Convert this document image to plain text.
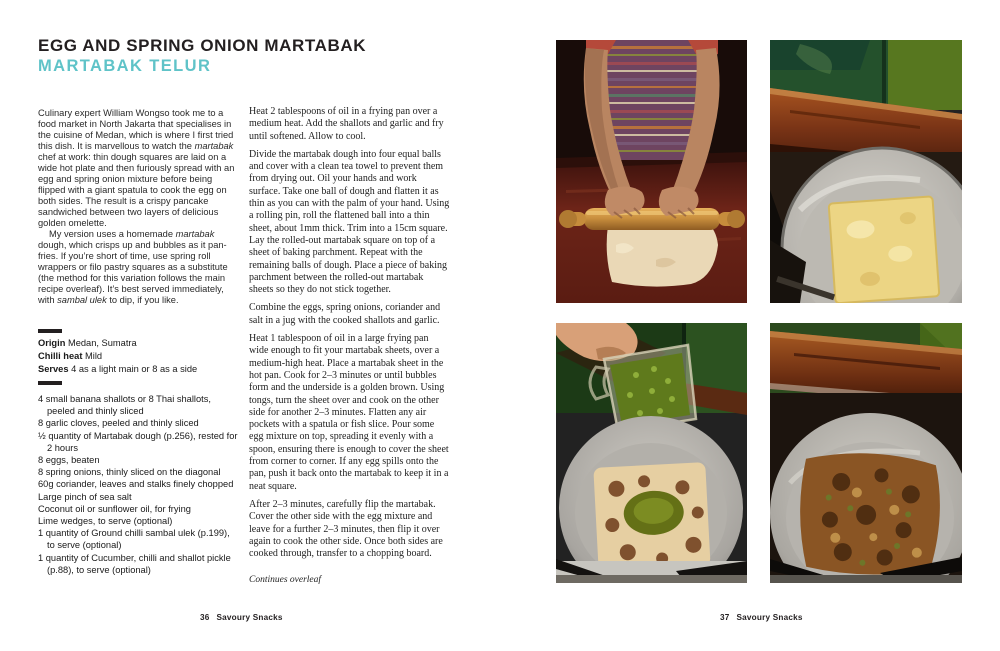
EGG AND SPRING ONION MARTABAK
MARTABAK TELUR

Culinary expert William Wongso took me to a food market in North Jakarta that specialises in the cuisine of Medan, which is where I first tried this dish. It is marvellous to watch the martabak chef at work: thin dough squares are laid on a wide hot plate and then furiously spread with an egg and spring onion mixture before being flipped with a giant spatula to cook the egg on both sides. The result is a crispy pancake sandwiched between two layers of delicious golden omelette.

My version uses a homemade martabak dough, which crisps up and bubbles as it pan-fries. If you’re short of time, use spring roll wrappers or filo pastry squares as a substitute (the method for this variation follows the main recipe overleaf). It’s best served immediately, with sambal ulek to dip, if you like.

Origin Medan, Sumatra
Chilli heat Mild
Serves 4 as a light main or 8 as a side
4 small banana shallots or 8 Thai shallots, peeled and thinly sliced
8 garlic cloves, peeled and thinly sliced
½ quantity of Martabak dough (p.256), rested for 2 hours
8 eggs, beaten
8 spring onions, thinly sliced on the diagonal
60g coriander, leaves and stalks finely chopped
Large pinch of sea salt
Coconut oil or sunflower oil, for frying
Lime wedges, to serve (optional)
1 quantity of Ground chilli sambal ulek (p.199), to serve (optional)
1 quantity of Cucumber, chilli and shallot pickle (p.88), to serve (optional)

Heat 2 tablespoons of oil in a frying pan over a medium heat. Add the shallots and garlic and fry until softened. Allow to cool.

Divide the martabak dough into four equal balls and cover with a clean tea towel to prevent them from drying out. Oil your hands and work surface. Take one ball of dough and flatten it as thin as you can with the palm of your hand. Using a rolling pin, roll the flattened ball into a thin sheet, about 1mm thick. Trim into a 15cm square. Lay the rolled-out martabak square on top of a sheet of baking parchment. Repeat with the remaining balls of dough. Place a piece of baking parchment between the rolled-out martabak sheets so they do not stick together.

Combine the eggs, spring onions, coriander and salt in a jug with the cooked shallots and garlic.

Heat 1 tablespoon of oil in a large frying pan wide enough to fit your martabak sheets, over a medium-high heat. Place a martabak sheet in the hot pan. Cook for 2–3 minutes or until bubbles form and the underside is a golden brown. Using tongs, turn the sheet over and cook on the other side for another 2–3 minutes. Flatten any air pockets with a spatula or fish slice. Pour some egg mixture on top, spreading it evenly with a spoon, ensuring there is enough to cover the sheet from corner to corner. If any egg spills onto the pan, push it back onto the martabak to keep it in a neat square.

After 2–3 minutes, carefully flip the martabak. Cover the other side with the egg mixture and leave for a further 2–3 minutes, then flip it over again to cook the other side. Once both sides are cooked through, transfer to a chopping board.

Continues overleaf
36 Savoury Snacks	37 Savoury Snacks
